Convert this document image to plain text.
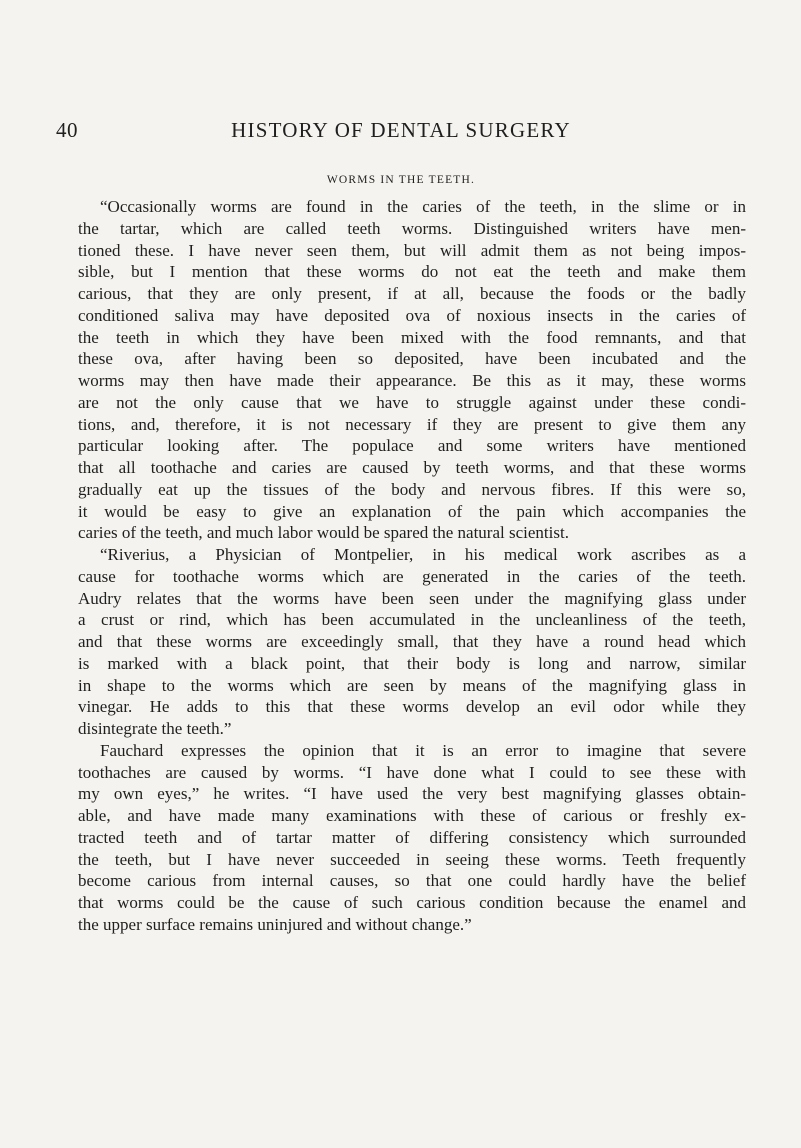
40	HISTORY OF DENTAL SURGERY
WORMS IN THE TEETH.
“Occasionally worms are found in the caries of the teeth, in the slime or in
the tartar, which are called teeth worms. Distinguished writers have men-
tioned these. I have never seen them, but will admit them as not being impos-
sible, but I mention that these worms do not eat the teeth and make them
carious, that they are only present, if at all, because the foods or the badly
conditioned saliva may have deposited ova of noxious insects in the caries of
the teeth in which they have been mixed with the food remnants, and that
these ova, after having been so deposited, have been incubated and the
worms may then have made their appearance. Be this as it may, these worms
are not the only cause that we have to struggle against under these condi-
tions, and, therefore, it is not necessary if they are present to give them any
particular looking after. The populace and some writers have mentioned
that all toothache and caries are caused by teeth worms, and that these worms
gradually eat up the tissues of the body and nervous fibres. If this were so,
it would be easy to give an explanation of the pain which accompanies the
caries of the teeth, and much labor would be spared the natural scientist.
“Riverius, a Physician of Montpelier, in his medical work ascribes as a
cause for toothache worms which are generated in the caries of the teeth.
Audry relates that the worms have been seen under the magnifying glass under
a crust or rind, which has been accumulated in the uncleanliness of the teeth,
and that these worms are exceedingly small, that they have a round head which
is marked with a black point, that their body is long and narrow, similar
in shape to the worms which are seen by means of the magnifying glass in
vinegar. He adds to this that these worms develop an evil odor while they
disintegrate the teeth.”
Fauchard expresses the opinion that it is an error to imagine that severe
toothaches are caused by worms. “I have done what I could to see these with
my own eyes,” he writes. “I have used the very best magnifying glasses obtain-
able, and have made many examinations with these of carious or freshly ex-
tracted teeth and of tartar matter of differing consistency which surrounded
the teeth, but I have never succeeded in seeing these worms. Teeth frequently
become carious from internal causes, so that one could hardly have the belief
that worms could be the cause of such carious condition because the enamel and
the upper surface remains uninjured and without change.”
